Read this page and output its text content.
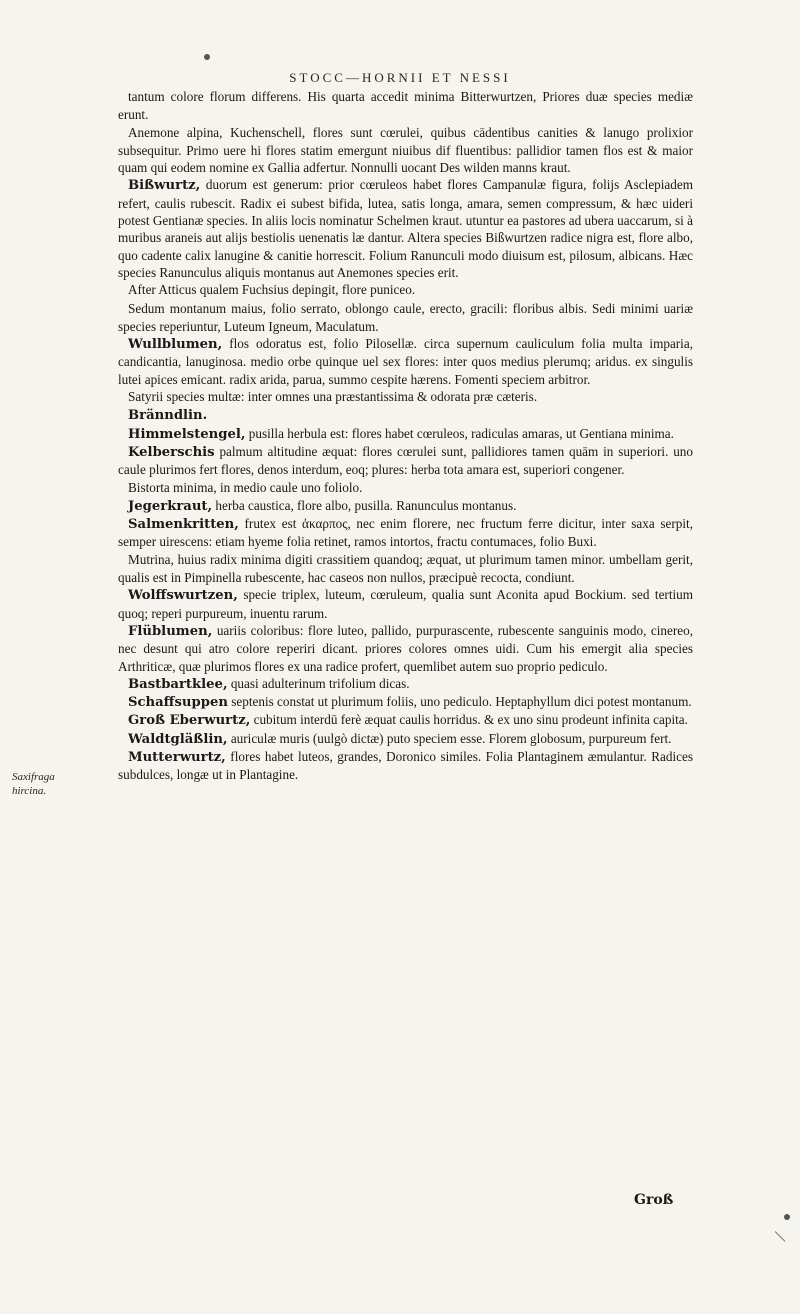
STOCC—HORNII ET NESSI

tantum colore florum differens. His quarta accedit minima Bitterwurtzen, Priores duæ species mediæ erunt.

Anemone alpina, Kuchenschell, flores sunt cœrulei, quibus cādentibus canities & lanugo prolixior subsequitur. Primo uere hi flores statim emergunt niuibus dif fluentibus: pallidior tamen flos est & maior quam qui eodem nomine ex Gallia adfertur. Nonnulli uocant Des wilden manns kraut.

Bißwurtz, duorum est generum: prior cœruleos habet flores Campanulæ figura, folijs Asclepiadem refert, caulis rubescit. Radix ei subest bifida, lutea, satis longa, amara, semen compressum, & hæc uideri potest Gentianæ species. In aliis locis nominatur Schelmen kraut. utuntur ea pastores ad ubera uaccarum, si à muribus araneis aut alijs bestiolis uenenatis læ dantur. Altera species Bißwurtzen radice nigra est, flore albo, quo cadente calix lanugine & canitie horrescit. Folium Ranunculi modo diuisum est, pilosum, albicans. Hæc species Ranunculus aliquis montanus aut Anemones species erit.

After Atticus qualem Fuchsius depingit, flore puniceo.

Sedum montanum maius, folio serrato, oblongo caule, erecto, gracili: floribus albis. Sedi minimi uariæ species reperiuntur, Luteum Igneum, Maculatum.

Wullblumen, flos odoratus est, folio Pilosellæ. circa supernum cauliculum folia multa imparia, candicantia, lanuginosa. medio orbe quinque uel sex flores: inter quos medius plerumq; aridus. ex singulis lutei apices emicant. radix arida, parua, summo cespite hærens. Fomenti speciem arbitror.

Satyrii species multæ: inter omnes una præstantissima & odorata præ cæteris.

Bränndlin.

Himmelstengel, pusilla herbula est: flores habet cœruleos, radiculas amaras, ut Gentiana minima.

Kelberschis palmum altitudine æquat: flores cœrulei sunt, pallidiores tamen quām in superiori. uno caule plurimos fert flores, denos interdum, eoq; plures: herba tota amara est, superiori congener.

Bistorta minima, in medio caule uno foliolo.

Jegerkraut, herba caustica, flore albo, pusilla. Ranunculus montanus.

Salmenkritten, frutex est ἀκαρπος, nec enim florere, nec fructum ferre dicitur, inter saxa serpit, semper uirescens: etiam hyeme folia retinet, ramos intortos, fractu contumaces, folio Buxi.

Mutrina, huius radix minima digiti crassitiem quandoq; æquat, ut plurimum tamen minor. umbellam gerit, qualis est in Pimpinella rubescente, hac caseos non nullos, præcipuè recocta, condiunt.

Wolffswurtzen, specie triplex, luteum, cœruleum, qualia sunt Aconita apud Bockium. sed tertium quoq; reperi purpureum, inuentu rarum.

Flüblumen, uariis coloribus: flore luteo, pallido, purpurascente, rubescente sanguinis modo, cinereo, nec desunt qui atro colore reperiri dicant. priores colores omnes uidi. Cum his emergit alia species Arthriticæ, quæ plurimos flores ex una radice profert, quemlibet autem suo proprio pediculo.

Bastbartklee, quasi adulterinum trifolium dicas.

Schaffsuppen septenis constat ut plurimum foliis, uno pediculo. Heptaphyllum dici potest montanum.

Groß Eberwurtz, cubitum interdū ferè æquat caulis horridus. & ex uno sinu prodeunt infinita capita.

Waldtgläßlin, auriculæ muris (uulgò dictæ) puto speciem esse. Florem globosum, purpureum fert.

Mutterwurtz, flores habet luteos, grandes, Doronico similes. Folia Plantaginem æmulantur. Radices subdulces, longæ ut in Plantagine.

Saxifraga
hircina.
Groß
